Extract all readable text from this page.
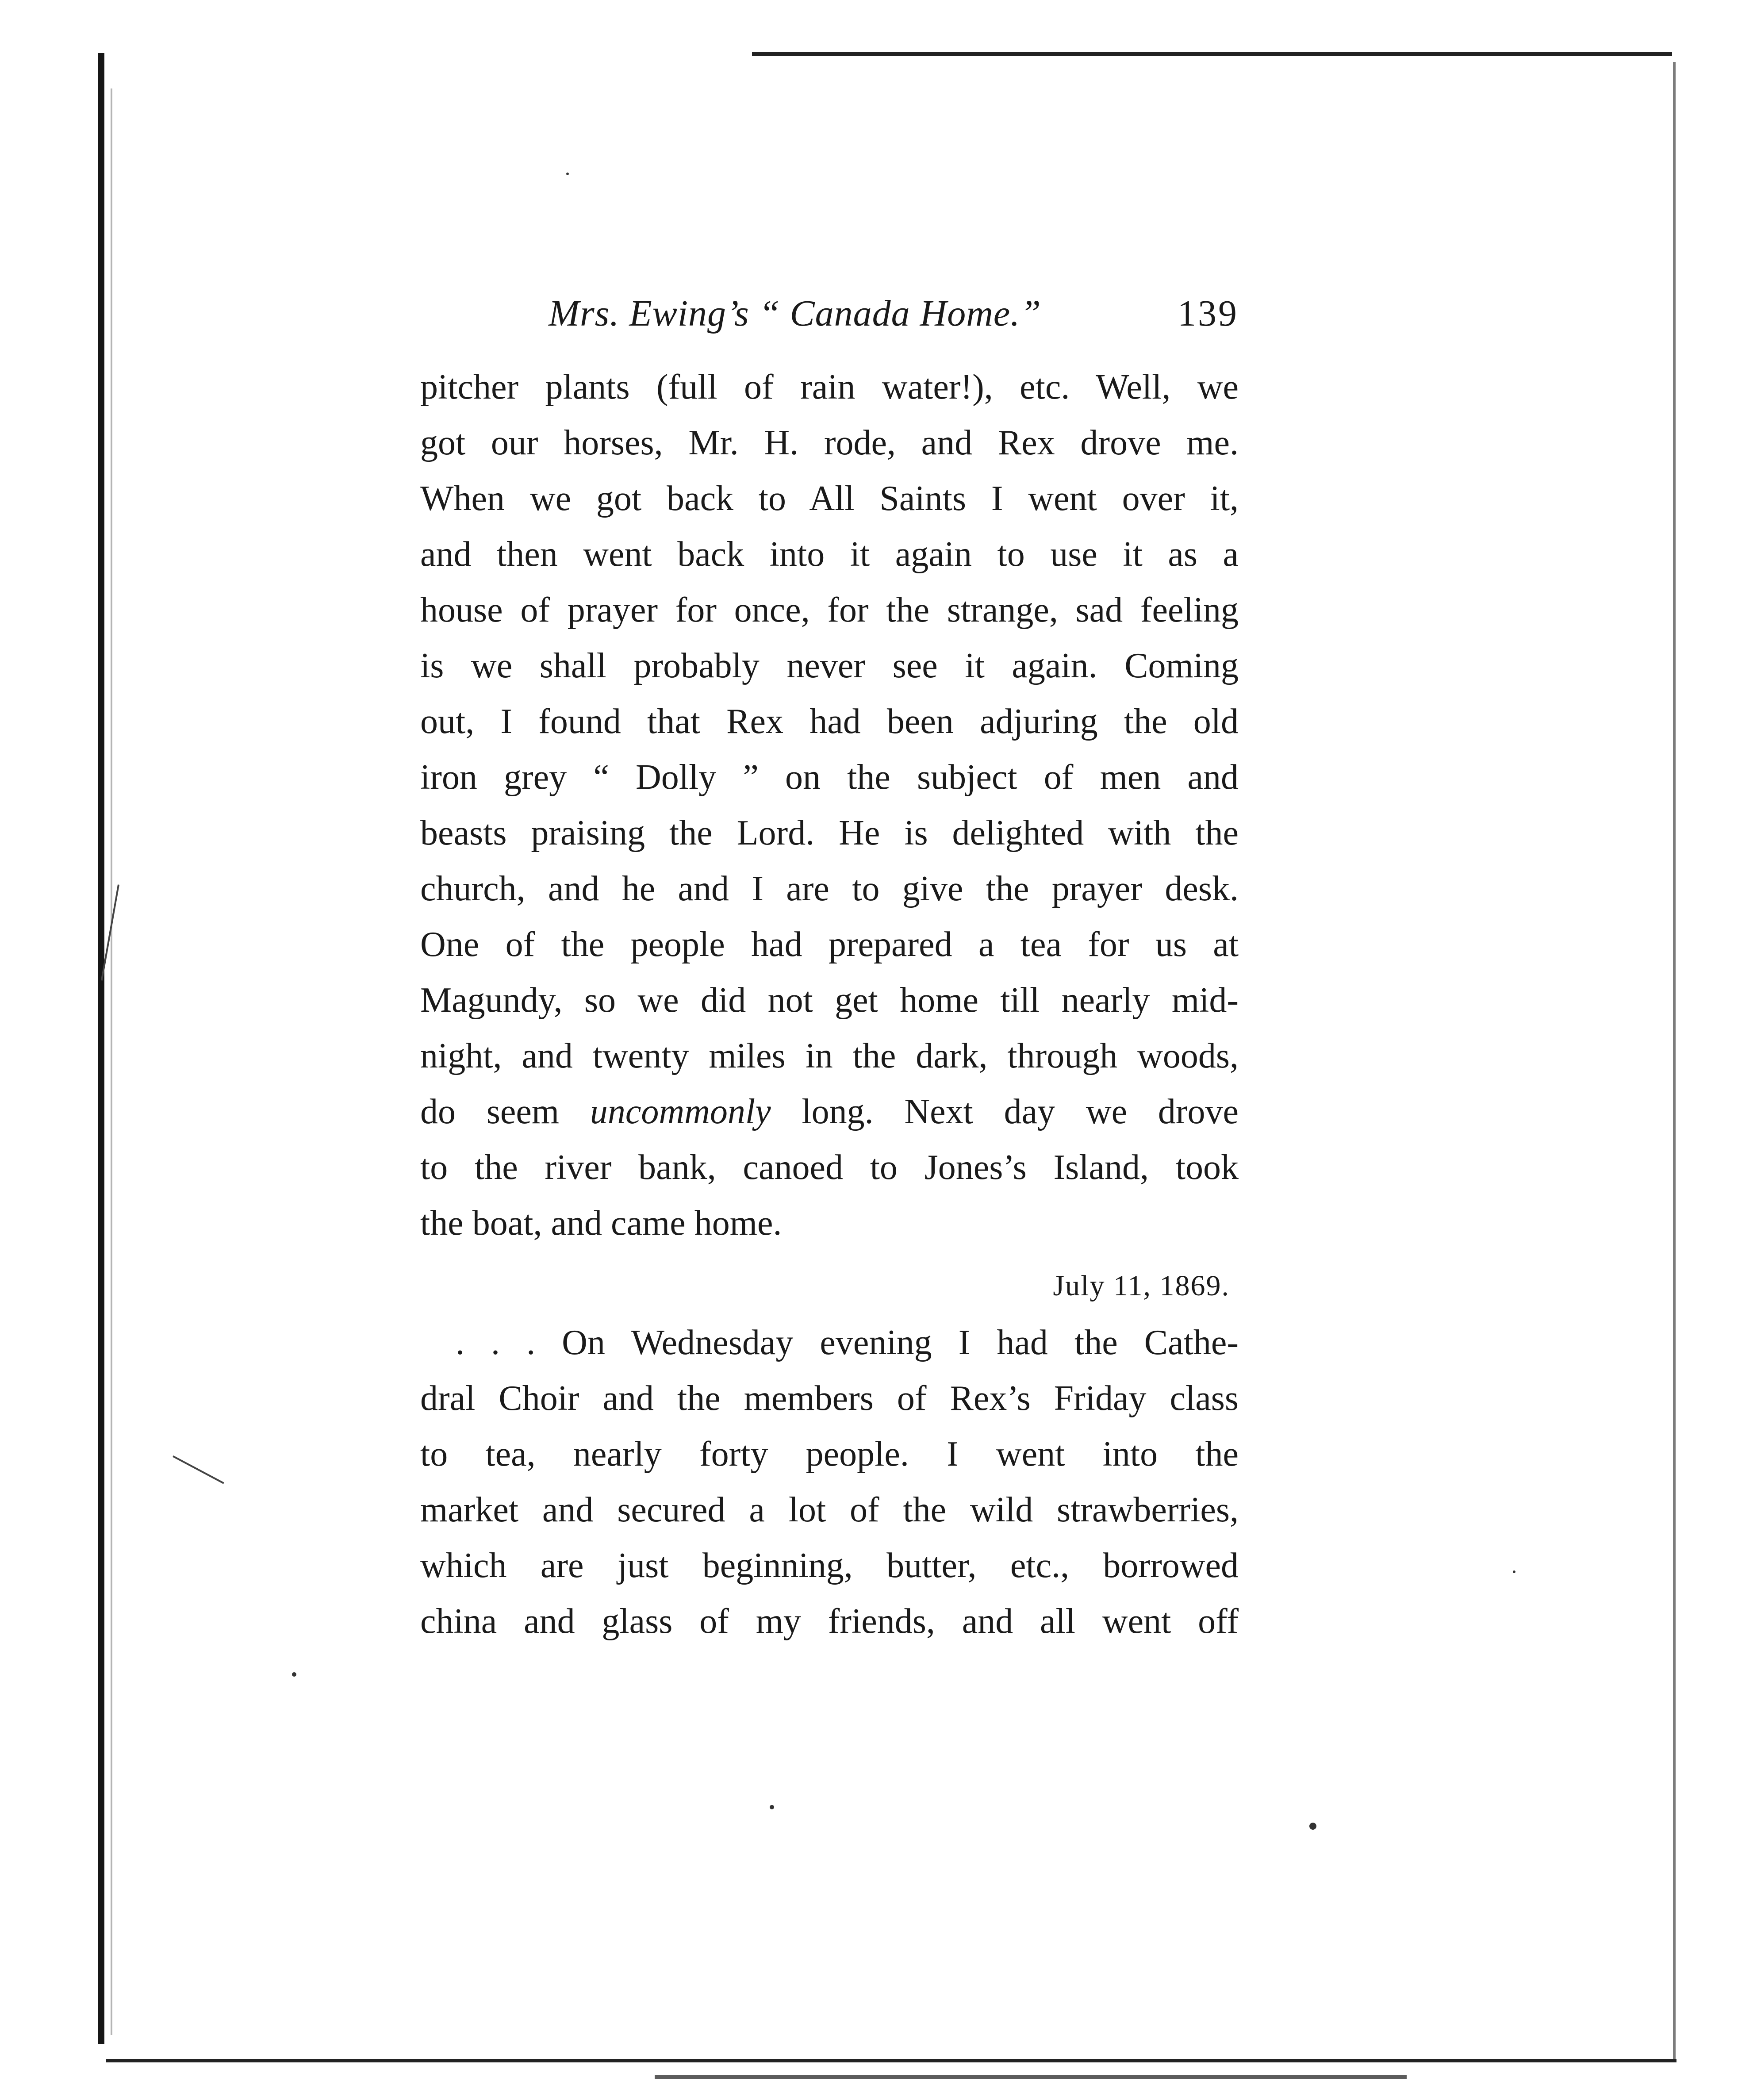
Mrs. Ewing’s “ Canada Home.”	139
pitcher plants (full of rain water!), etc. Well, we
got our horses, Mr. H. rode, and Rex drove me.
When we got back to All Saints I went over it,
and then went back into it again to use it as a
house of prayer for once, for the strange, sad feeling
is we shall probably never see it again. Coming
out, I found that Rex had been adjuring the old
iron grey “ Dolly ” on the subject of men and
beasts praising the Lord. He is delighted with the
church, and he and I are to give the prayer desk.
One of the people had prepared a tea for us at
Magundy, so we did not get home till nearly mid-
night, and twenty miles in the dark, through woods,
do seem uncommonly long. Next day we drove
to the river bank, canoed to Jones’s Island, took
the boat, and came home.
July 11, 1869.
. . . On Wednesday evening I had the Cathe-
dral Choir and the members of Rex’s Friday class
to tea, nearly forty people. I went into the
market and secured a lot of the wild strawberries,
which are just beginning, butter, etc., borrowed
china and glass of my friends, and all went off
